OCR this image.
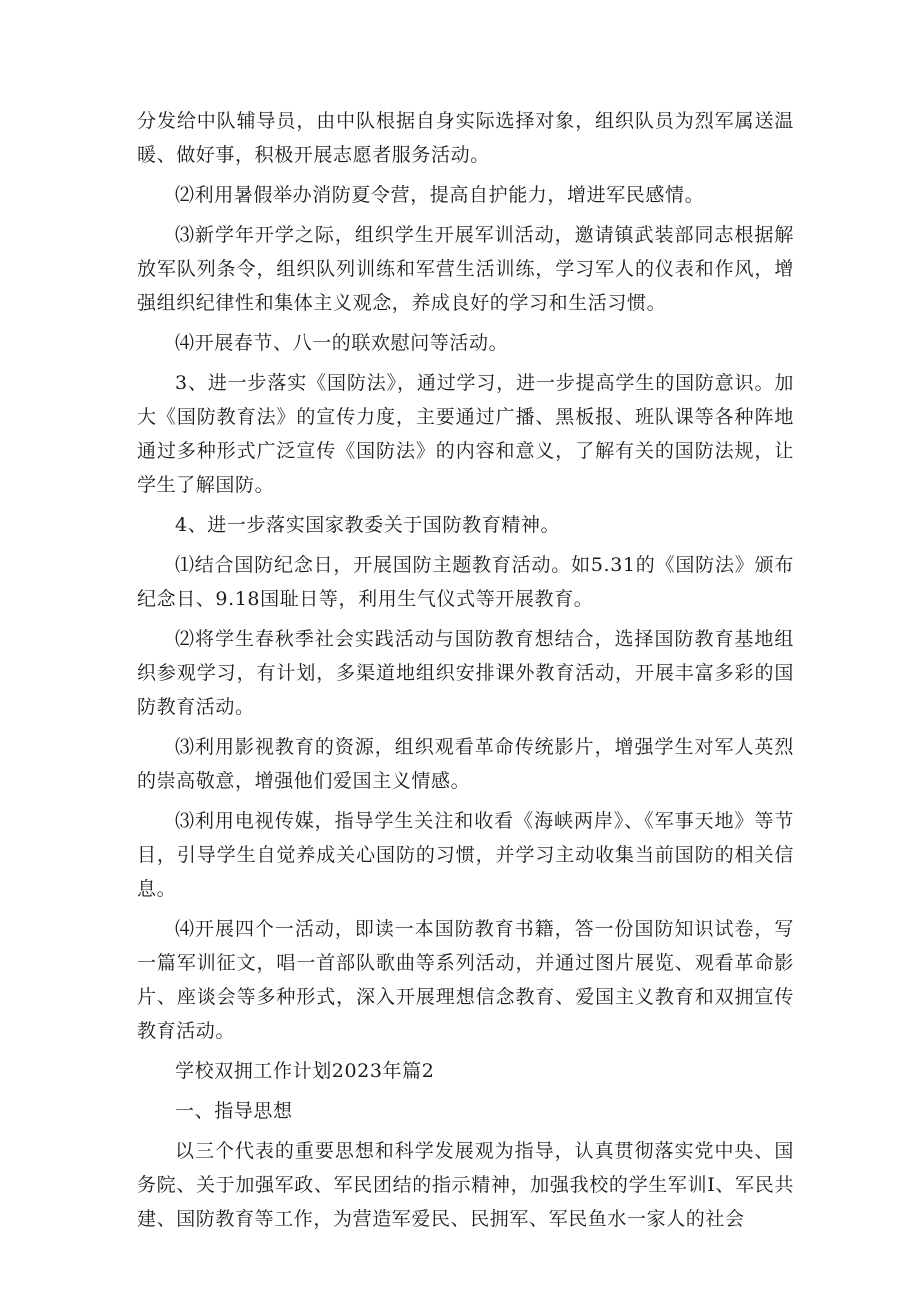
分发给中队辅导员，由中队根据自身实际选择对象，组织队员为烈军属送温暖、做好事，积极开展志愿者服务活动。

⑵利用暑假举办消防夏令营，提高自护能力，增进军民感情。

⑶新学年开学之际，组织学生开展军训活动，邀请镇武装部同志根据解放军队列条令，组织队列训练和军营生活训练，学习军人的仪表和作风，增强组织纪律性和集体主义观念，养成良好的学习和生活习惯。

⑷开展春节、八一的联欢慰问等活动。

3、进一步落实《国防法》，通过学习，进一步提高学生的国防意识。加大《国防教育法》的宣传力度，主要通过广播、黑板报、班队课等各种阵地通过多种形式广泛宣传《国防法》的内容和意义，了解有关的国防法规，让学生了解国防。

4、进一步落实国家教委关于国防教育精神。

⑴结合国防纪念日，开展国防主题教育活动。如5.31的《国防法》颁布纪念日、9.18国耻日等，利用生气仪式等开展教育。

⑵将学生春秋季社会实践活动与国防教育想结合，选择国防教育基地组织参观学习，有计划，多渠道地组织安排课外教育活动，开展丰富多彩的国防教育活动。

⑶利用影视教育的资源，组织观看革命传统影片，增强学生对军人英烈的崇高敬意，增强他们爱国主义情感。

⑶利用电视传媒，指导学生关注和收看《海峡两岸》、《军事天地》等节目，引导学生自觉养成关心国防的习惯，并学习主动收集当前国防的相关信息。

⑷开展四个一活动，即读一本国防教育书籍，答一份国防知识试卷，写一篇军训征文，唱一首部队歌曲等系列活动，并通过图片展览、观看革命影片、座谈会等多种形式，深入开展理想信念教育、爱国主义教育和双拥宣传教育活动。

学校双拥工作计划2023年篇2

一、指导思想

以三个代表的重要思想和科学发展观为指导，认真贯彻落实党中央、国务院、关于加强军政、军民团结的指示精神，加强我校的学生军训Ⅰ、军民共建、国防教育等工作，为营造军爱民、民拥军、军民鱼水一家人的社会
